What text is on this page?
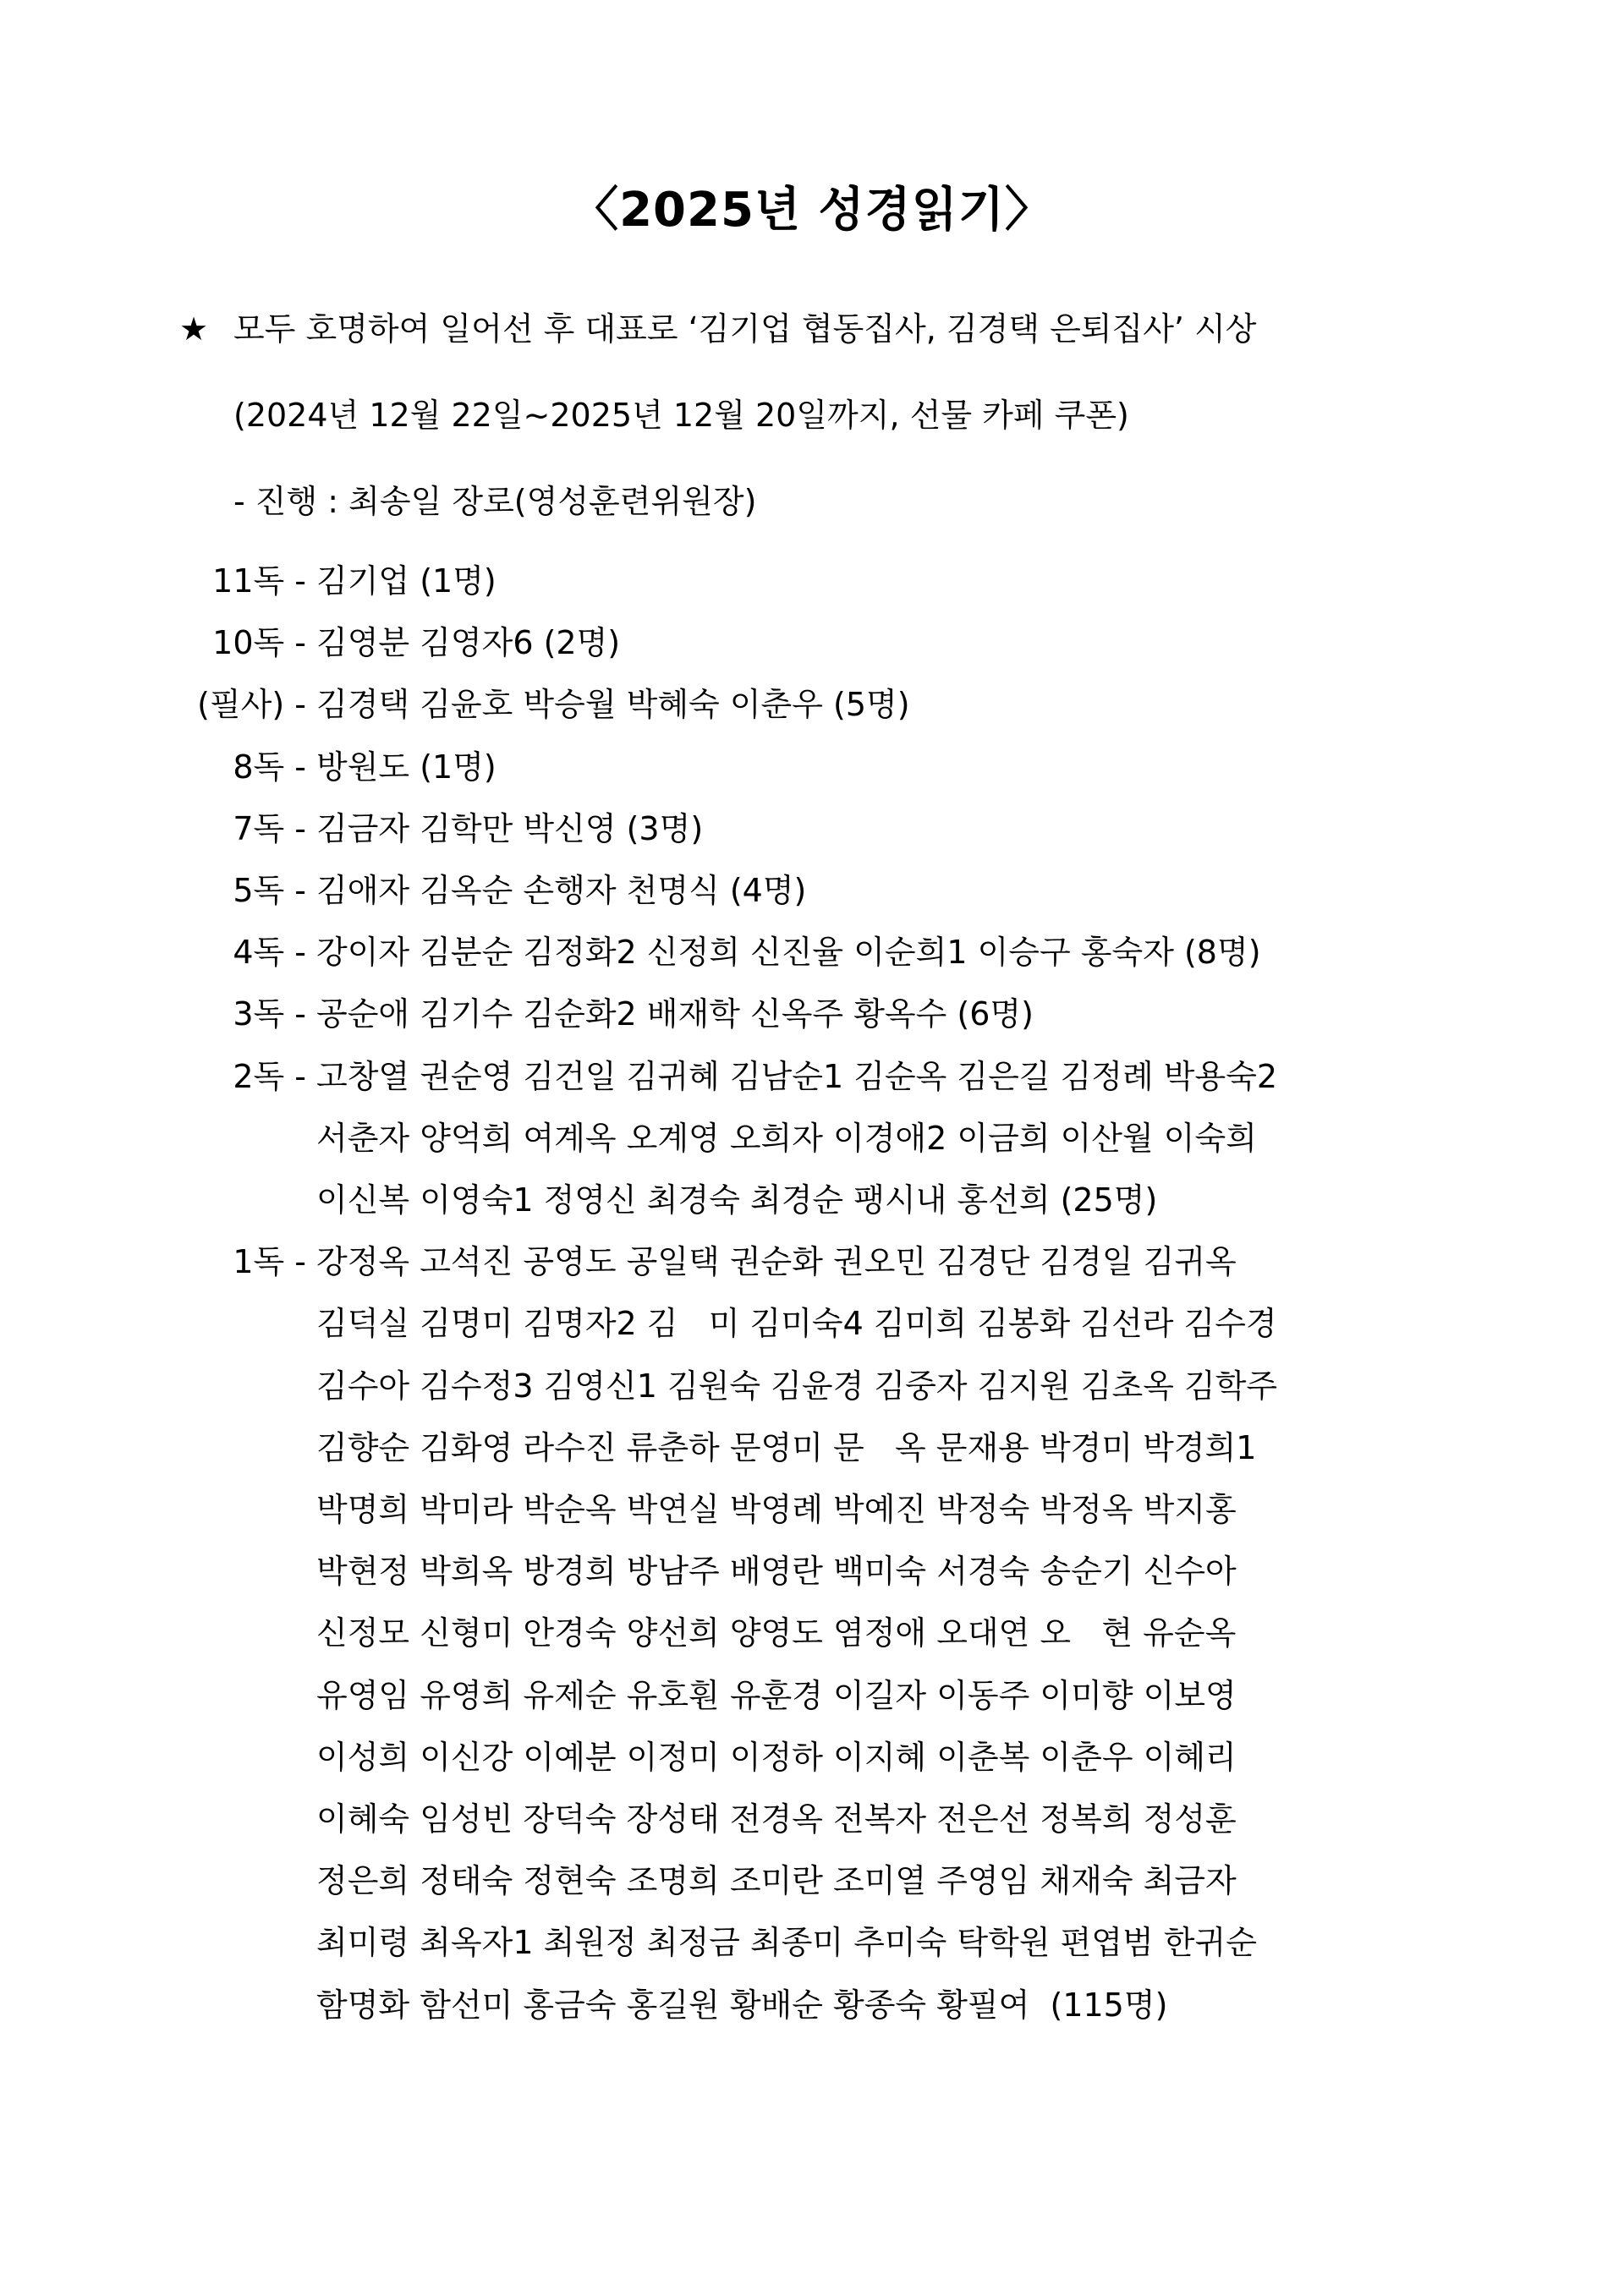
〈2025년 성경읽기〉
★ 모두 호명하여 일어선 후 대표로 ‘김기업 협동집사, 김경택 은퇴집사’ 시상
(2024년 12월 22일~2025년 12월 20일까지, 선물 카페 쿠폰)
- 진행 : 최송일 장로(영성훈련위원장)
11독 - 김기업 (1명)
10독 - 김영분 김영자6 (2명)
(필사) - 김경택 김윤호 박승월 박혜숙 이춘우 (5명)
8독 - 방원도 (1명)
7독 - 김금자 김학만 박신영 (3명)
5독 - 김애자 김옥순 손행자 천명식 (4명)
4독 - 강이자 김분순 김정화2 신정희 신진율 이순희1 이승구 홍숙자 (8명)
3독 - 공순애 김기수 김순화2 배재학 신옥주 황옥수 (6명)
2독 - 고창열 권순영 김건일 김귀혜 김남순1 김순옥 김은길 김정례 박용숙2
서춘자 양억희 여계옥 오계영 오희자 이경애2 이금희 이산월 이숙희
이신복 이영숙1 정영신 최경숙 최경순 팽시내 홍선희 (25명)
1독 - 강정옥 고석진 공영도 공일택 권순화 권오민 김경단 김경일 김귀옥
김덕실 김명미 김명자2 김   미 김미숙4 김미희 김봉화 김선라 김수경
김수아 김수정3 김영신1 김원숙 김윤경 김중자 김지원 김초옥 김학주
김향순 김화영 라수진 류춘하 문영미 문   옥 문재용 박경미 박경희1
박명희 박미라 박순옥 박연실 박영례 박예진 박정숙 박정옥 박지홍
박현정 박희옥 방경희 방남주 배영란 백미숙 서경숙 송순기 신수아
신정모 신형미 안경숙 양선희 양영도 염정애 오대연 오   현 유순옥
유영임 유영희 유제순 유호훤 유훈경 이길자 이동주 이미향 이보영
이성희 이신강 이예분 이정미 이정하 이지혜 이춘복 이춘우 이혜리
이혜숙 임성빈 장덕숙 장성태 전경옥 전복자 전은선 정복희 정성훈
정은희 정태숙 정현숙 조명희 조미란 조미열 주영임 채재숙 최금자
최미령 최옥자1 최원정 최정금 최종미 추미숙 탁학원 편엽범 한귀순
함명화 함선미 홍금숙 홍길원 황배순 황종숙 황필여  (115명)
